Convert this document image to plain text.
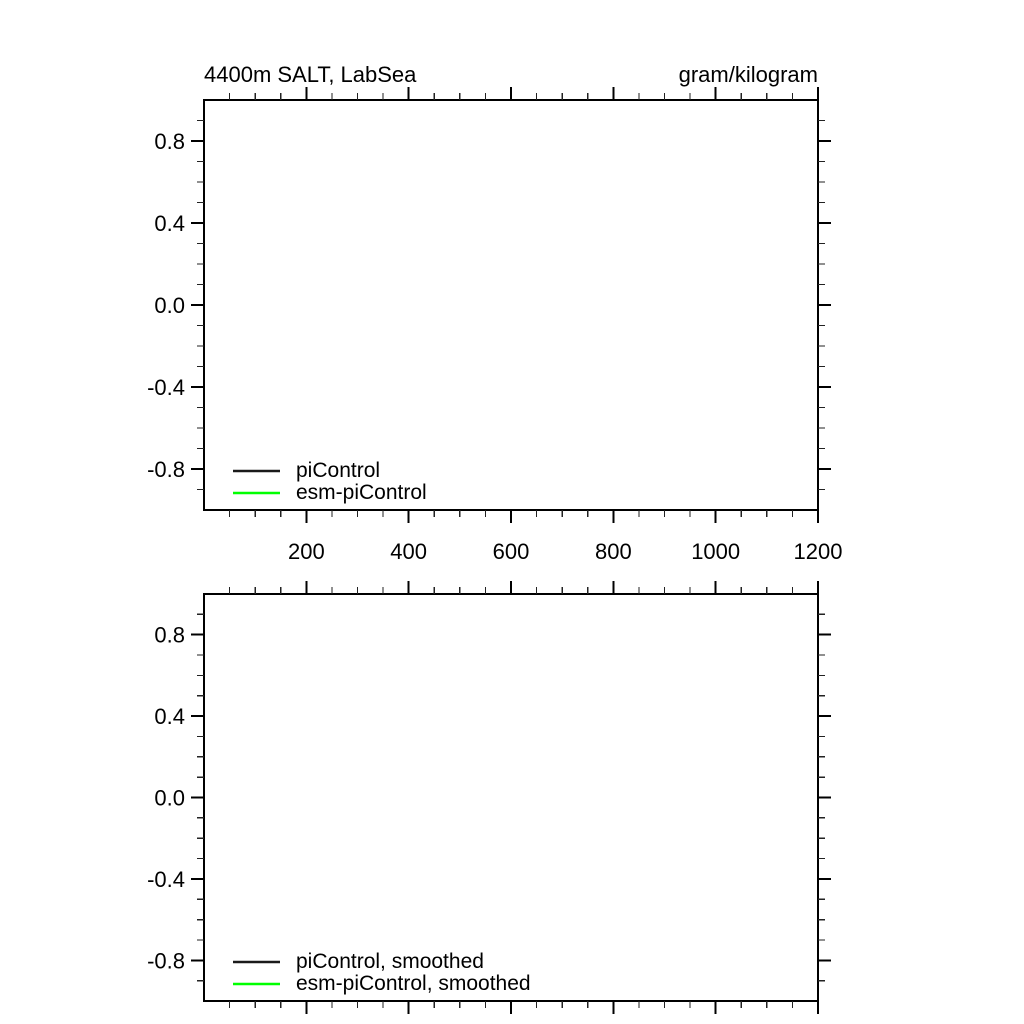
4400m SALT, LabSea	gram/kilogram
200	400	600	800	1000 1200
0.8
0.4
0.0
-0.4
-0.8	piControl
esm-piControl
0.8
0.4
0.0
-0.4
-0.8	piControl, smoothed
esm-piControl, smoothed
